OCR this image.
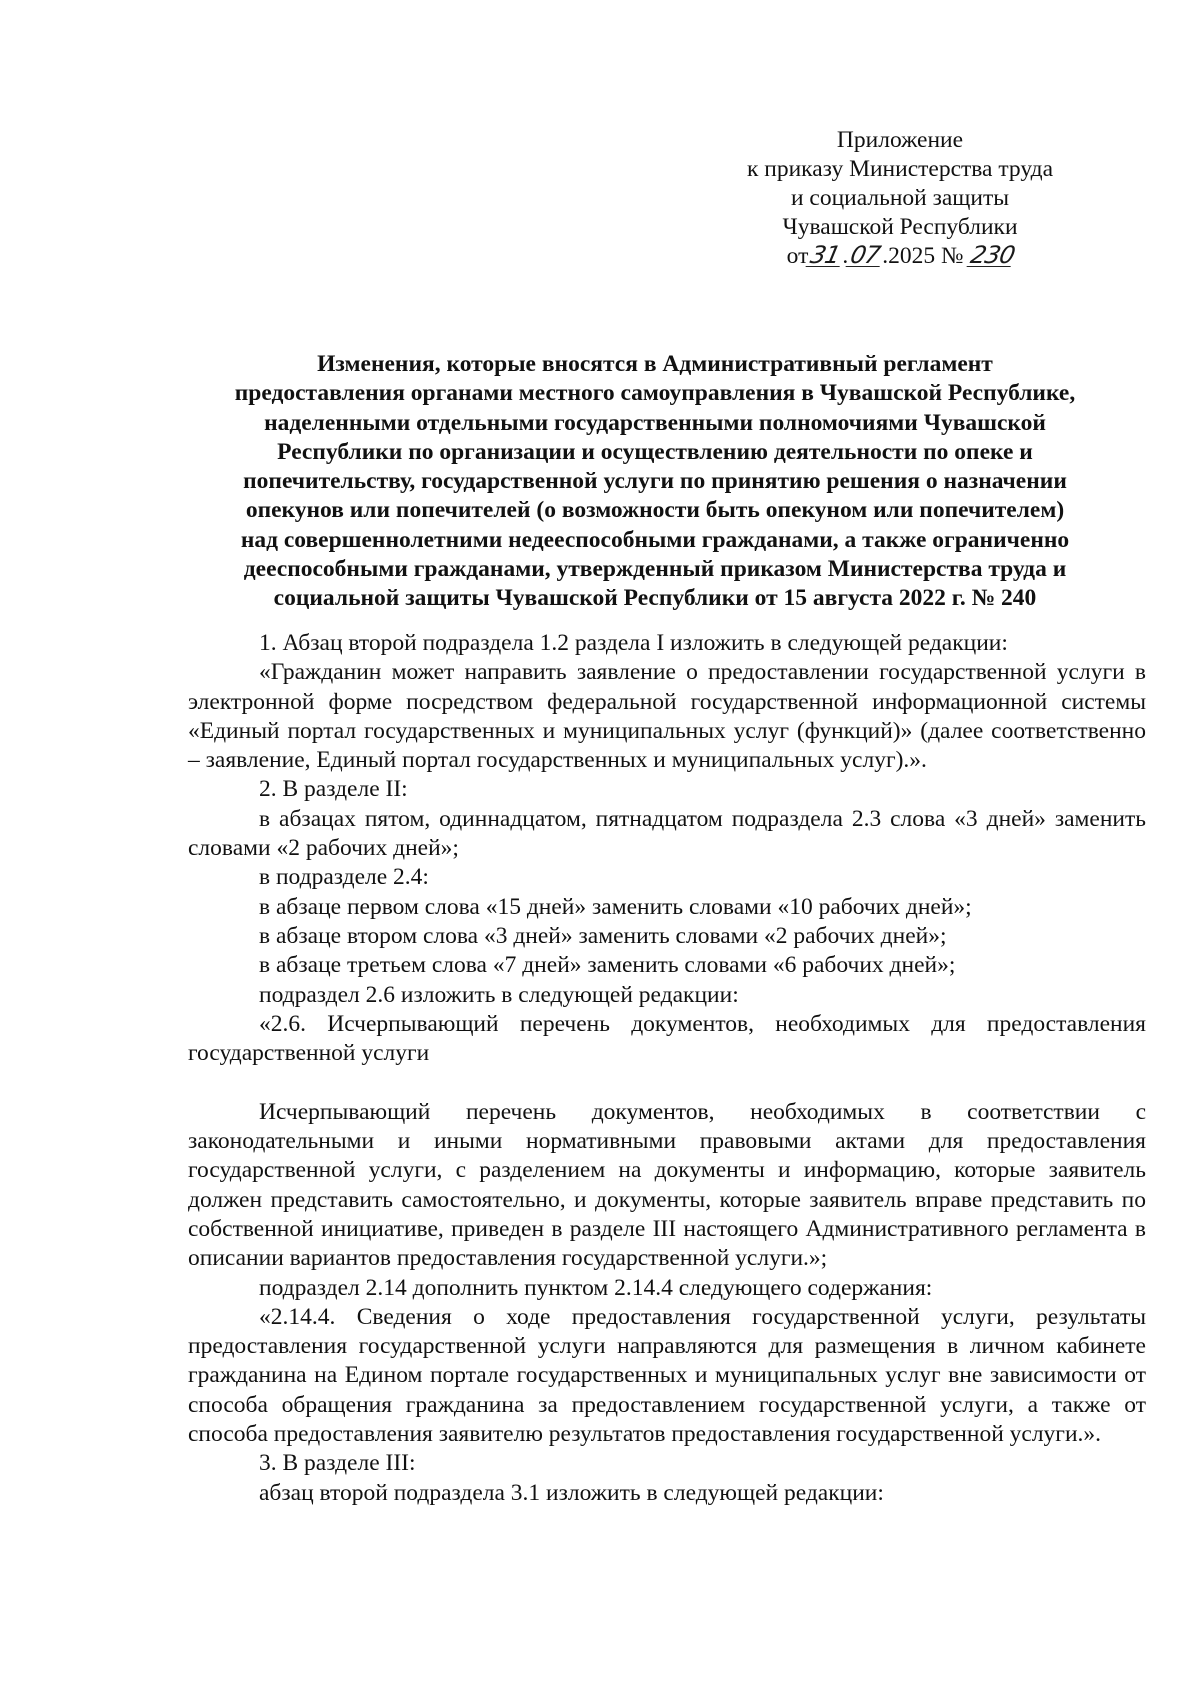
Приложение
к приказу Министерства труда
и социальной защиты
Чувашской Республики
от31.07.2025 № 230
Изменения, которые вносятся в Административный регламент
предоставления органами местного самоуправления в Чувашской Республике,
наделенными отдельными государственными полномочиями Чувашской
Республики по организации и осуществлению деятельности по опеке и
попечительству, государственной услуги по принятию решения о назначении
опекунов или попечителей (о возможности быть опекуном или попечителем)
над совершеннолетними недееспособными гражданами, а также ограниченно
дееспособными гражданами, утвержденный приказом Министерства труда и
социальной защиты Чувашской Республики от 15 августа 2022 г. № 240

1. Абзац второй подраздела 1.2 раздела I изложить в следующей редакции:

«Гражданин может направить заявление о предоставлении государственной услуги в электронной форме посредством федеральной государственной информационной системы «Единый портал государственных и муниципальных услуг (функций)» (далее соответственно – заявление, Единый портал государственных и муниципальных услуг).».

2. В разделе II:

в абзацах пятом, одиннадцатом, пятнадцатом подраздела 2.3 слова «3 дней» заменить словами «2 рабочих дней»;

в подразделе 2.4:

в абзаце первом слова «15 дней» заменить словами «10 рабочих дней»;

в абзаце втором слова «3 дней» заменить словами «2 рабочих дней»;

в абзаце третьем слова «7 дней» заменить словами «6 рабочих дней»;

подраздел 2.6 изложить в следующей редакции:

«2.6. Исчерпывающий перечень документов, необходимых для предоставления государственной услуги

Исчерпывающий перечень документов, необходимых в соответствии с законодательными и иными нормативными правовыми актами для предоставления государственной услуги, с разделением на документы и информацию, которые заявитель должен представить самостоятельно, и документы, которые заявитель вправе представить по собственной инициативе, приведен в разделе III настоящего Административного регламента в описании вариантов предоставления государственной услуги.»;

подраздел 2.14 дополнить пунктом 2.14.4 следующего содержания:

«2.14.4. Сведения о ходе предоставления государственной услуги, результаты предоставления государственной услуги направляются для размещения в личном кабинете гражданина на Едином портале государственных и муниципальных услуг вне зависимости от способа обращения гражданина за предоставлением государственной услуги, а также от способа предоставления заявителю результатов предоставления государственной услуги.».

3. В разделе III:

абзац второй подраздела 3.1 изложить в следующей редакции:
